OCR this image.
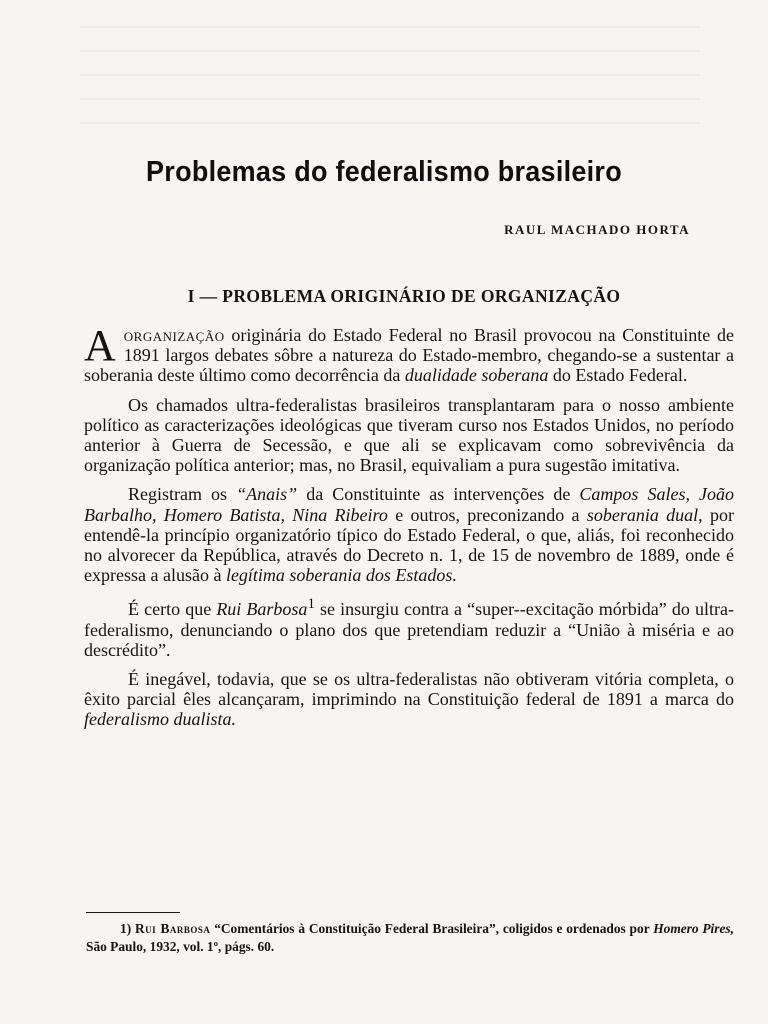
Problemas do federalismo brasileiro

RAUL MACHADO HORTA

I — PROBLEMA ORIGINÁRIO DE ORGANIZAÇÃO

Aorganização originária do Estado Federal no Brasil provocou na Constituinte de 1891 largos debates sôbre a natureza do Estado-membro, chegando-se a sustentar a soberania deste último como decorrência da dualidade soberana do Estado Federal.

Os chamados ultra-federalistas brasileiros transplantaram para o nosso ambiente político as caracterizações ideológicas que tiveram curso nos Estados Unidos, no período anterior à Guerra de Secessão, e que ali se explicavam como sobrevivência da organização política anterior; mas, no Brasil, equivaliam a pura sugestão imitativa.

Registram os “Anais” da Constituinte as intervenções de Campos Sales, João Barbalho, Homero Batista, Nina Ribeiro e outros, preconizando a soberania dual, por entendê-la princípio organizatório típico do Estado Federal, o que, aliás, foi reconhecido no alvorecer da República, através do Decreto n. 1, de 15 de novembro de 1889, onde é expressa a alusão à legítima soberania dos Estados.

É certo que Rui Barbosa$^1$ se insurgiu contra a “super--excitação mórbida” do ultra-federalismo, denunciando o plano dos que pretendiam reduzir a “União à miséria e ao descrédito”.

É inegável, todavia, que se os ultra-federalistas não obtiveram vitória completa, o êxito parcial êles alcançaram, imprimindo na Constituição federal de 1891 a marca do federalismo dualista.

1) Rui Barbosa “Comentários à Constituição Federal Brasileira”, coligidos e ordenados por Homero Pires, São Paulo, 1932, vol. 1º, págs. 60.
